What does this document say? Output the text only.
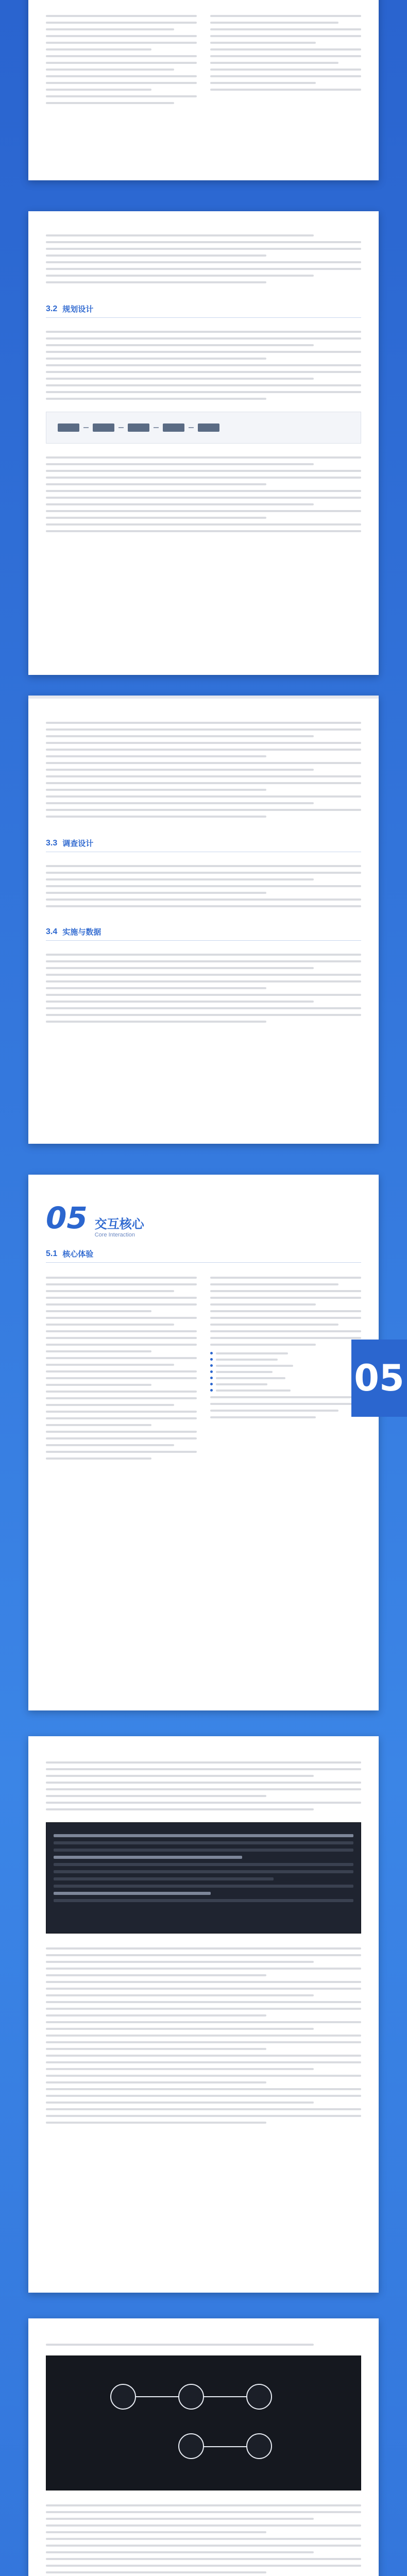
3.2 规划设计
3.3 调查设计
3.4 实施与数据
05 交互核心
Core Interaction
5.1 核心体验
05
